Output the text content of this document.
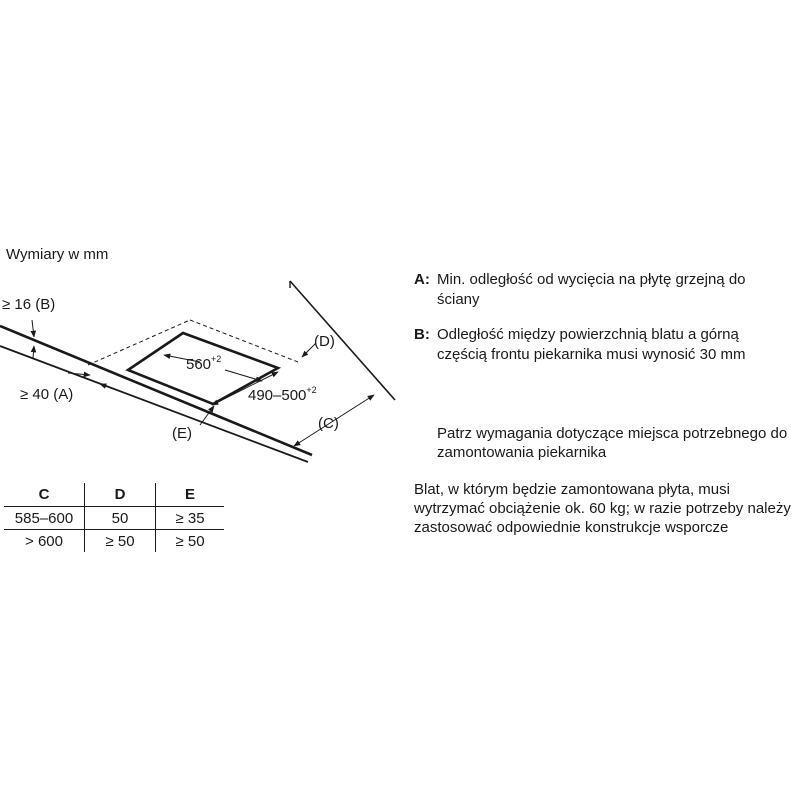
≥ 16 (B)
≥ 40 (A)
(E)
(D)
(C)
$560^{+2}$
$490-500^{+2}$
Wymiary w mm
C	D	E
585–600	50	≥ 35
> 600	≥ 50	≥ 50
A: Min. odległość od wycięcia na płytę grzejną do ściany
B: Odległość między powierzchnią blatu a górną częścią frontu piekarnika musi wynosić 30 mm
Patrz wymagania dotyczące miejsca potrzebnego do zamontowania piekarnika
Blat, w którym będzie zamontowana płyta, musi wytrzymać obciążenie ok. 60 kg; w razie potrzeby należy zastosować odpowiednie konstrukcje wsporcze
